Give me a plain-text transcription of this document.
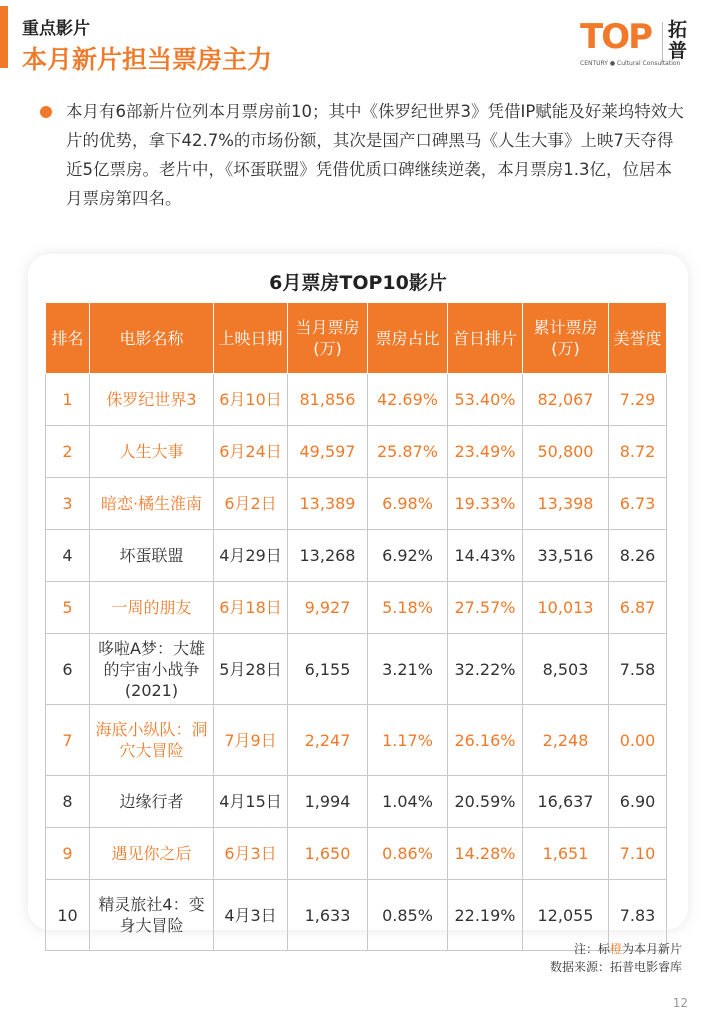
重点影片
本月新片担当票房主力
TOP 拓普
CENTURY ● Cultural Consultation
本月有6部新片位列本月票房前10；其中《侏罗纪世界3》凭借IP赋能及好莱坞特效大片的优势，拿下42.7%的市场份额，其次是国产口碑黑马《人生大事》上映7天夺得近5亿票房。老片中，《坏蛋联盟》凭借优质口碑继续逆袭，本月票房1.3亿，位居本月票房第四名。
6月票房TOP10影片
排名	电影名称	上映日期	当月票房(万)	票房占比	首日排片	累计票房(万)	美誉度
1	侏罗纪世界3	6月10日	81,856	42.69%	53.40%	82,067	7.29
2	人生大事	6月24日	49,597	25.87%	23.49%	50,800	8.72
3	暗恋·橘生淮南	6月2日	13,389	6.98%	19.33%	13,398	6.73
4	坏蛋联盟	4月29日	13,268	6.92%	14.43%	33,516	8.26
5	一周的朋友	6月18日	9,927	5.18%	27.57%	10,013	6.87
6	哆啦A梦：大雄的宇宙小战争(2021)	5月28日	6,155	3.21%	32.22%	8,503	7.58
7	海底小纵队：洞穴大冒险	7月9日	2,247	1.17%	26.16%	2,248	0.00
8	边缘行者	4月15日	1,994	1.04%	20.59%	16,637	6.90
9	遇见你之后	6月3日	1,650	0.86%	14.28%	1,651	7.10
10	精灵旅社4：变身大冒险	4月3日	1,633	0.85%	22.19%	12,055	7.83
注：标橙为本月新片
数据来源：拓普电影睿库
12
